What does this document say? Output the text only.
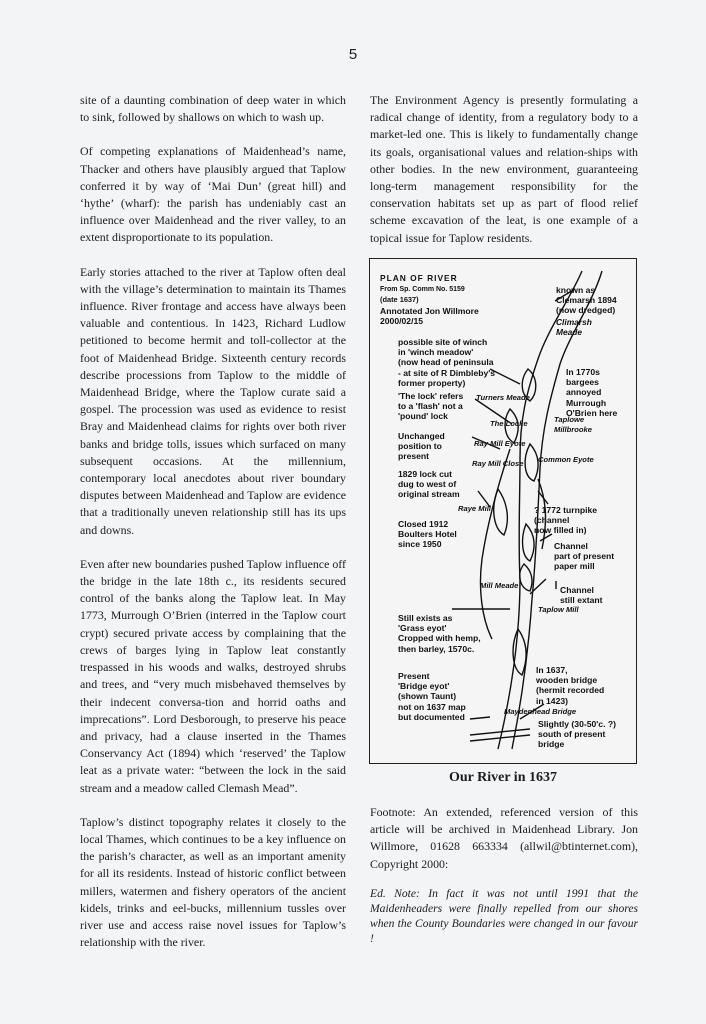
5

site of a daunting combination of deep water in which to sink, followed by shallows on which to wash up.

Of competing explanations of Maidenhead’s name, Thacker and others have plausibly argued that Taplow conferred it by way of ‘Mai Dun’ (great hill) and ‘hythe’ (wharf): the parish has undeniably cast an influence over Maidenhead and the river valley, to an extent disproportionate to its population.

Early stories attached to the river at Taplow often deal with the village’s determination to maintain its Thames influence. River frontage and access have always been valuable and contentious. In 1423, Richard Ludlow petitioned to become hermit and toll-collector at the foot of Maidenhead Bridge. Sixteenth century records describe processions from Taplow to the middle of Maidenhead Bridge, where the Taplow curate said a gospel. The procession was used as evidence to resist Bray and Maidenhead claims for rights over both river banks and bridge tolls, issues which surfaced on many subsequent occasions. At the millennium, contemporary local anecdotes about river boundary disputes between Maidenhead and Taplow are evidence that a traditionally uneven relationship still has its ups and downs.

Even after new boundaries pushed Taplow influence off the bridge in the late 18th c., its residents secured control of the banks along the Taplow leat. In May 1773, Murrough O’Brien (interred in the Taplow court crypt) secured private access by complaining that the crews of barges lying in Taplow leat constantly trespassed in his woods and walks, destroyed shrubs and trees, and “very much misbehaved themselves by their indecent conversa-tion and horrid oaths and imprecations”. Lord Desborough, to preserve his peace and privacy, had a clause inserted in the Thames Conservancy Act (1894) which ‘reserved’ the Taplow leat as a private water: “between the lock in the said stream and a meadow called Clemash Mead”.

Taplow’s distinct topography relates it closely to the local Thames, which continues to be a key influence on the parish’s character, as well as an important amenity for all its residents. Instead of historic conflict between millers, watermen and fishery operators of the ancient kidels, trinks and eel-bucks, millennium tussles over river use and access raise novel issues for Taplow’s relationship with the river.

The Environment Agency is presently formulating a radical change of identity, from a regulatory body to a market-led one. This is likely to fundamentally change its goals, organisational values and relation-ships with other bodies. In the new environment, guaranteeing long-term management responsibility for the conservation habitats set up as part of flood relief scheme excavation of the leat, is one example of a topical issue for Taplow residents.

PLAN OF RIVER
From Sp. Comm No. 5159
(date 1637)
Annotated Jon Willmore
2000/02/15
known as
Clemarsh 1894
(now dredged)
Climarsh
Meade
possible site of winch
in 'winch meadow'
(now head of peninsula
- at site of R Dimbleby's
former property)
In 1770s
bargees
annoyed
Murrough
O'Brien here
'The lock' refers
to a 'flash' not a
'pound' lock
Turners Meade
The Locke	Taplowe
Millbrooke
Unchanged
position to
present
Ray Mill Eyote
Ray Mill Close Common Eyote
1829 lock cut
dug to west of
original stream
Raye Mill	? 1772 turnpike
(channel
now filled in)
Closed 1912
Boulters Hotel
since 1950	Channel
part of present
paper mill
Mill Meade	Channel
still extant
Taplow Mill
Still exists as
'Grass eyot'
Cropped with hemp,
then barley, 1570c.
Present
'Bridge eyot'
(shown Taunt)
not on 1637 map
but documented
In 1637,
wooden bridge
(hermit recorded
in 1423)
Maydenhead Bridge
Slightly (30-50'c. ?)
south of present
bridge
Our River in 1637
Footnote: An extended, referenced version of this article will be archived in Maidenhead Library. Jon Willmore, 01628 663334 (allwil@btinternet.com), Copyright 2000:
Ed. Note: In fact it was not until 1991 that the Maidenheaders were finally repelled from our shores when the County Boundaries were changed in our favour !
